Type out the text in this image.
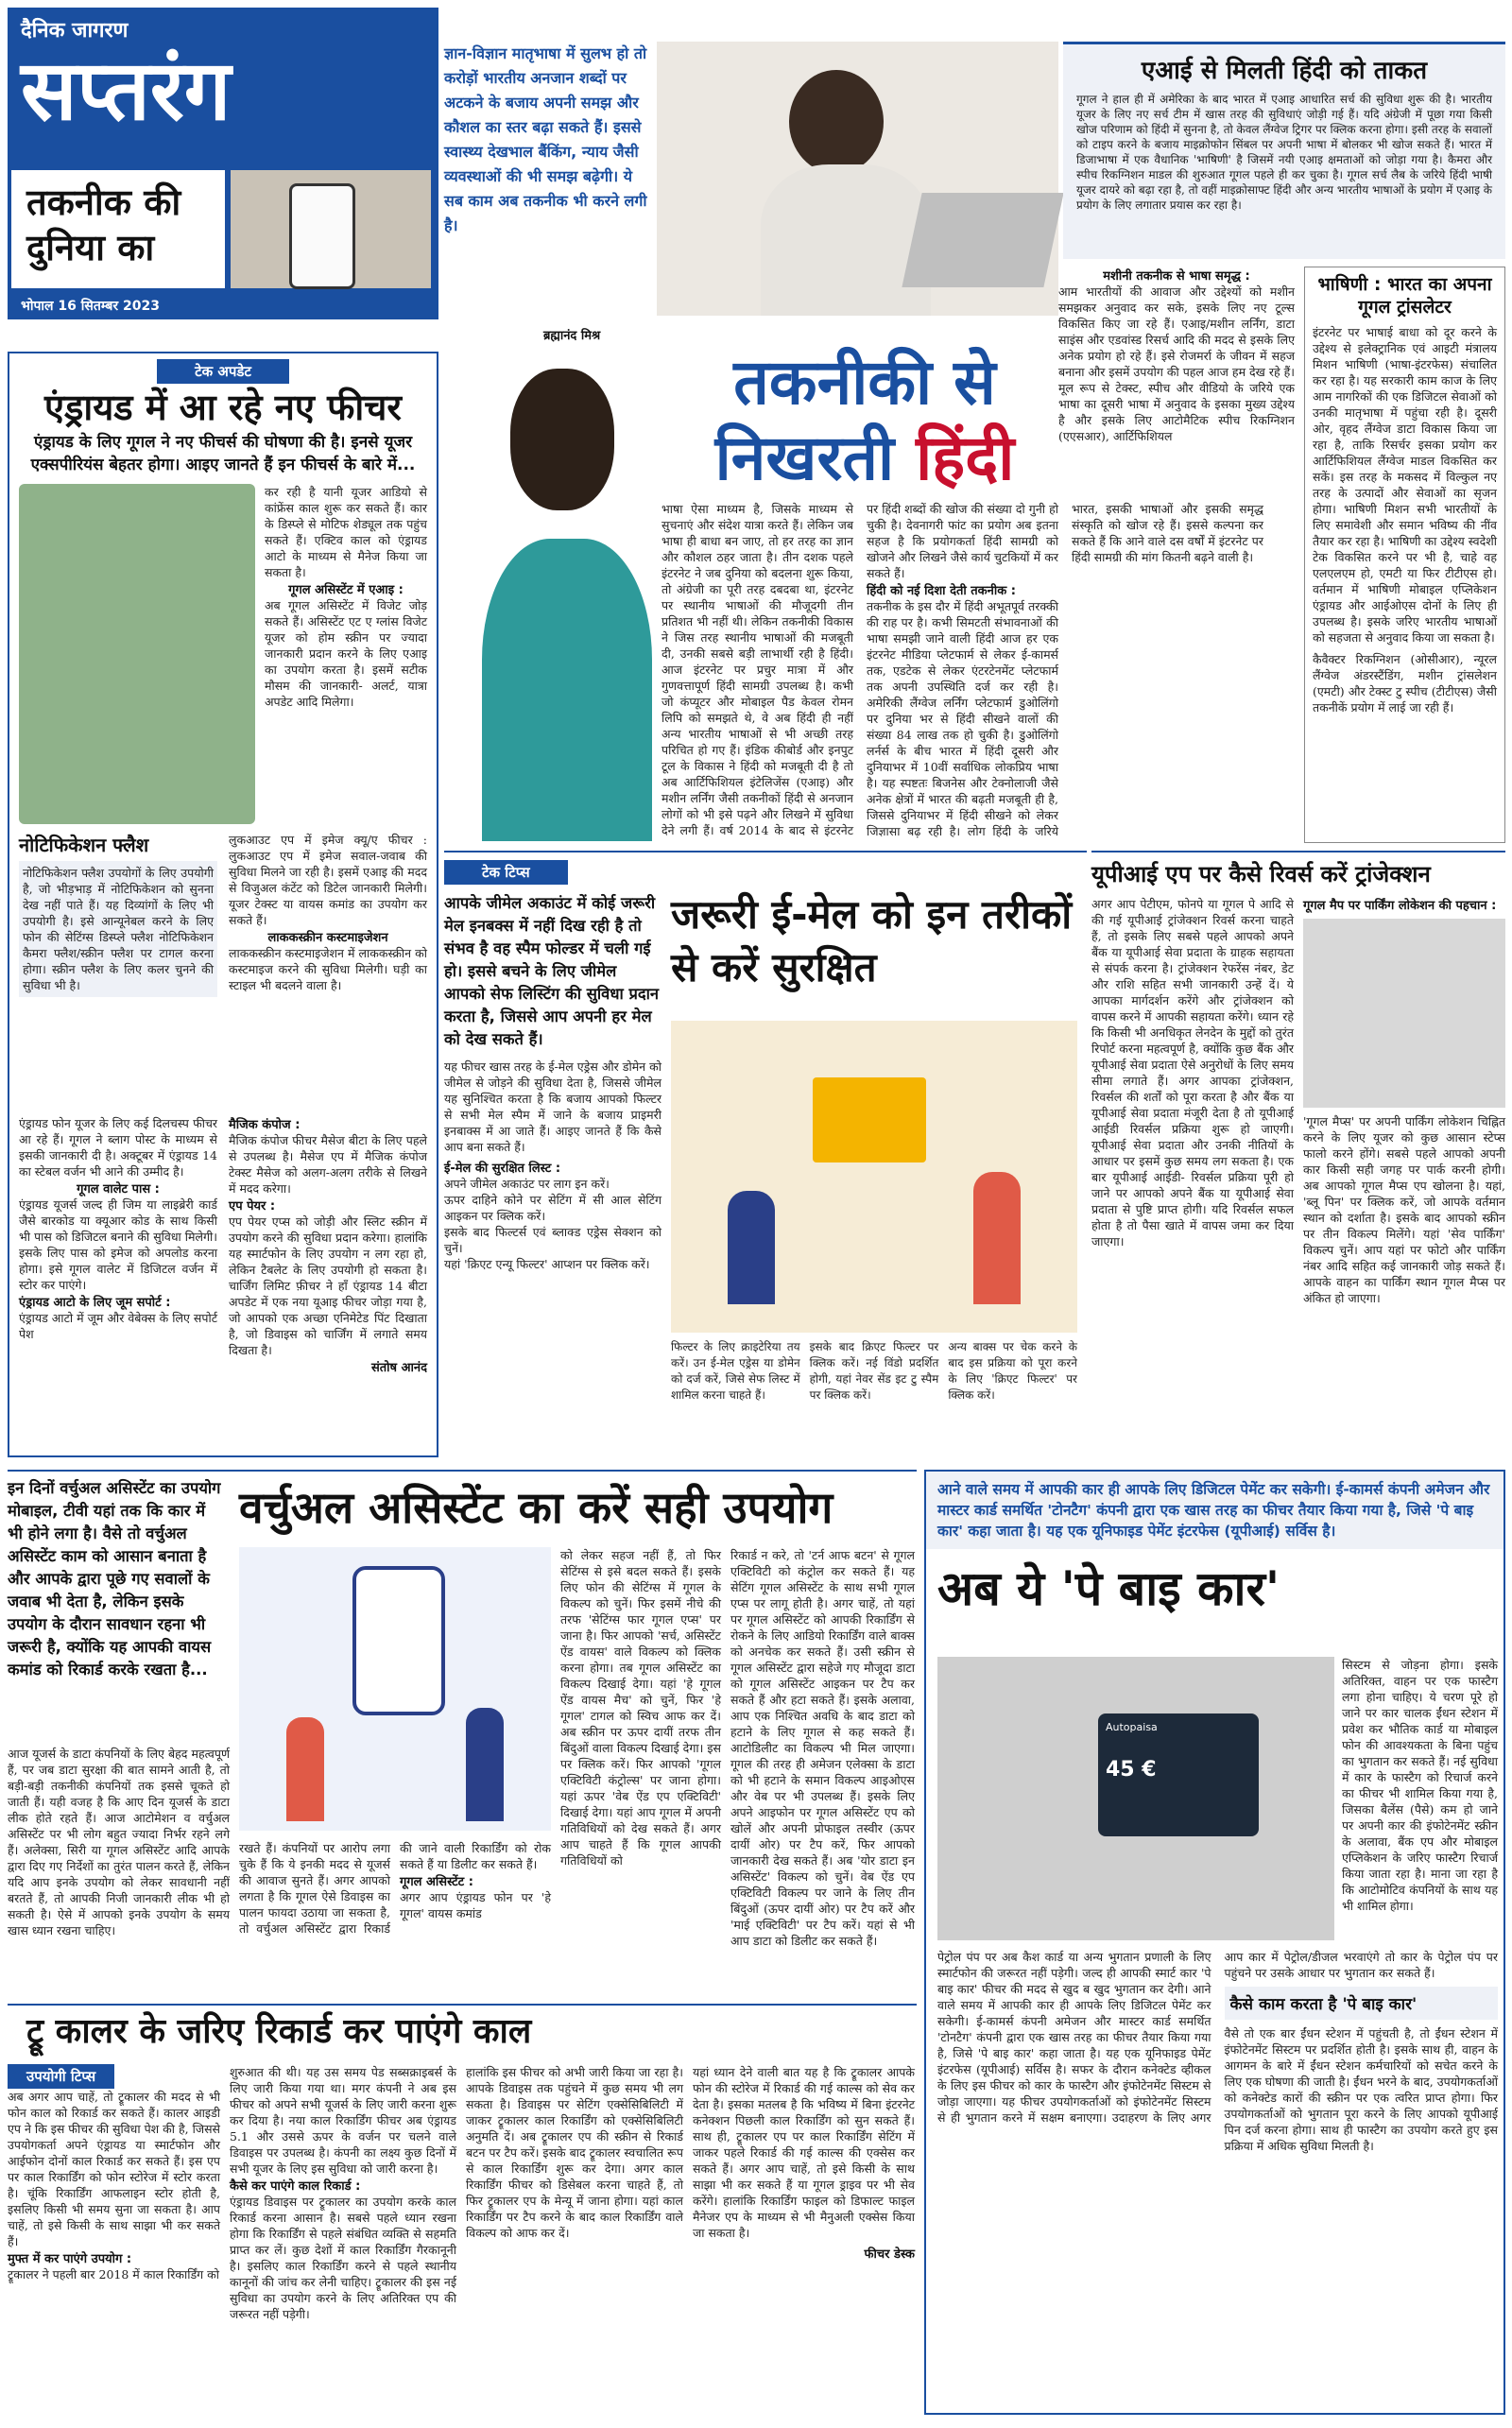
दैनिक जागरण
सप्तरंग
तकनीक की दुनिया का
भोपाल 16 सितम्बर 2023

ज्ञान-विज्ञान मातृभाषा में सुलभ हो तो करोड़ों भारतीय अनजान शब्दों पर अटकने के बजाय अपनी समझ और कौशल का स्तर बढ़ा सकते हैं। इससे स्वास्थ्य देखभाल बैंकिंग, न्याय जैसी व्यवस्थाओं की भी समझ बढ़ेगी। ये सब काम अब तकनीक भी करने लगी है।

ब्रह्मानंद मिश्र
एआई से मिलती हिंदी को ताकत

गूगल ने हाल ही में अमेरिका के बाद भारत में एआइ आधारित सर्च की सुविधा शुरू की है। भारतीय यूजर के लिए नए सर्च टीम में खास तरह की सुविधाएं जोड़ी गई हैं। यदि अंग्रेजी में पूछा गया किसी खोज परिणाम को हिंदी में सुनना है, तो केवल लैंग्वेज ट्रिगर पर क्लिक करना होगा। इसी तरह के सवालों को टाइप करने के बजाय माइक्रोफोन सिंबल पर अपनी भाषा में बोलकर भी खोज सकते हैं। भारत में डिजाभाषा में एक वैधानिक 'भाषिणी' है जिसमें नयी एआइ क्षमताओं को जोड़ा गया है। कैमरा और स्पीच रिकग्निशन माडल की शुरुआत गूगल पहले ही कर चुका है। गूगल सर्च लैब के जरिये हिंदी भाषी यूजर दायरे को बढ़ा रहा है, तो वहीं माइक्रोसाफ्ट हिंदी और अन्य भारतीय भाषाओं के प्रयोग में एआइ के प्रयोग के लिए लगातार प्रयास कर रहा है।

टेक अपडेट
एंड्रायड में आ रहे नए फीचर
एंड्रायड के लिए गूगल ने नए फीचर्स की घोषणा की है। इनसे यूजर एक्सपीरियंस बेहतर होगा। आइए जानते हैं इन फीचर्स के बारे में...

कर रही है यानी यूजर आडियो से कांफ्रेंस काल शुरू कर सकते हैं। कार के डिस्प्ले से मोटिफ शेड्यूल तक पहुंच सकते हैं। एक्टिव काल को एंड्रायड आटो के माध्यम से मैनेज किया जा सकता है।

गूगल असिस्टेंट में एआइ :

अब गूगल असिस्टेंट में विजेट जोड़ सकते हैं। असिस्टेंट एट ए ग्लांस विजेट यूजर को होम स्क्रीन पर ज्यादा जानकारी प्रदान करने के लिए एआइ का उपयोग करता है। इसमें सटीक मौसम की जानकारी- अलर्ट, यात्रा अपडेट आदि मिलेगा।

नोटिफिकेशन फ्लैश

नोटिफिकेशन फ्लैश उपयोगों के लिए उपयोगी है, जो भीड़भाड़ में नोटिफिकेशन को सुनना देख नहीं पाते हैं। यह दिव्यांगों के लिए भी उपयोगी है। इसे आन्यूनेबल करने के लिए फोन की सेटिंग्स डिस्प्ले फ्लैश नोटिफिकेशन कैमरा फ्लैश/स्क्रीन फ्लैश पर टागल करना होगा। स्क्रीन फ्लैश के लिए कलर चुनने की सुविधा भी है।

लुकआउट एप में इमेज क्यू/ए फीचर : लुकआउट एप में इमेज सवाल-जवाब की सुविधा मिलने जा रही है। इसमें एआइ की मदद से विजुअल कंटेंट को डिटेल जानकारी मिलेगी। यूजर टेक्स्ट या वायस कमांड का उपयोग कर सकते हैं।

लाककस्क्रीन कस्टमाइजेशन

लाककस्क्रीन कस्टमाइजेशन में लाककस्क्रीन को कस्टमाइज करने की सुविधा मिलेगी। घड़ी का स्टाइल भी बदलने वाला है।

एंड्रायड फोन यूजर के लिए कई दिलचस्प फीचर आ रहे हैं। गूगल ने ब्लाग पोस्ट के माध्यम से इसकी जानकारी दी है। अक्टूबर में एंड्रायड 14 का स्टेबल वर्जन भी आने की उम्मीद है।

गूगल वालेट पास :

एंड्रायड यूजर्स जल्द ही जिम या लाइब्रेरी कार्ड जैसे बारकोड या क्यूआर कोड के साथ किसी भी पास को डिजिटल बनाने की सुविधा मिलेगी। इसके लिए पास को इमेज को अपलोड करना होगा। इसे गूगल वालेट में डिजिटल वर्जन में स्टोर कर पाएंगे।

एंड्रायड आटो के लिए जूम सपोर्ट :

एंड्रायड आटो में जूम और वेबेक्स के लिए सपोर्ट पेश

मैजिक कंपोज :

मैजिक कंपोज फीचर मैसेज बीटा के लिए पहले से उपलब्ध है। मैसेज एप में मैजिक कंपोज टेक्स्ट मैसेज को अलग-अलग तरीके से लिखने में मदद करेगा।

एप पेयर :

एप पेयर एप्स को जोड़ी और स्लिट स्क्रीन में उपयोग करने की सुविधा प्रदान करेगा। हालांकि यह स्मार्टफोन के लिए उपयोग न लग रहा हो, लेकिन टैबलेट के लिए उपयोगी हो सकता है। चार्जिंग लिमिट फ़ीचर ने हाँ एंड्रायड 14 बीटा अपडेट में एक नया यूआइ फीचर जोड़ा गया है, जो आपको एक अच्छा एनिमेटेड पिंट दिखाता है, जो डिवाइस को चार्जिंग में लगाते समय दिखता है।

संतोष आनंद
तकनीकी से
निखरती हिंदी

भाषा ऐसा माध्यम है, जिसके माध्यम से सुचनाएं और संदेश यात्रा करते हैं। लेकिन जब भाषा ही बाधा बन जाए, तो हर तरह का ज्ञान और कौशल ठहर जाता है। तीन दशक पहले इंटरनेट ने जब दुनिया को बदलना शुरू किया, तो अंग्रेजी का पूरी तरह दबदबा था, इंटरनेट पर स्थानीय भाषाओं की मौजूदगी तीन प्रतिशत भी नहीं थी। लेकिन तकनीकी विकास ने जिस तरह स्थानीय भाषाओं की मजबूती दी, उनकी सबसे बड़ी लाभार्थी रही है हिंदी। आज इंटरनेट पर प्रचुर मात्रा में और गुणवत्तापूर्ण हिंदी सामग्री उपलब्ध है। कभी जो कंप्यूटर और मोबाइल पैड केवल रोमन लिपि को समझते थे, वे अब हिंदी ही नहीं अन्य भारतीय भाषाओं से भी अच्छी तरह परिचित हो गए हैं। इंडिक कीबोर्ड और इनपुट टूल के विकास ने हिंदी को मजबूती दी है तो अब आर्टिफिशियल इंटेलिजेंस (एआइ) और मशीन लर्निंग जैसी तकनीकों हिंदी से अनजान लोगों को भी इसे पढ़ने और लिखने में सुविधा देने लगी हैं। वर्ष 2014 के बाद से इंटरनेट पर हिंदी शब्दों की खोज की संख्या दो गुनी हो चुकी है। देवनागरी फांट का प्रयोग अब इतना सहज है कि प्रयोगकर्ता हिंदी सामग्री को खोजने और लिखने जैसे कार्य चुटकियों में कर सकते हैं।

हिंदी को नई दिशा देती तकनीक :

तकनीक के इस दौर में हिंदी अभूतपूर्व तरक्की की राह पर है। कभी सिमटती संभावनाओं की भाषा समझी जाने वाली हिंदी आज हर एक इंटरनेट मीडिया प्लेटफार्म से लेकर ई-कामर्स तक, एडटेक से लेकर एंटरटेनमेंट प्लेटफार्म तक अपनी उपस्थिति दर्ज कर रही है। अमेरिकी लैंग्वेज लर्निंग प्लेटफार्म डुओलिंगो पर दुनिया भर से हिंदी सीखने वालों की संख्या 84 लाख तक हो चुकी है। डुओलिंगो लर्नर्स के बीच भारत में हिंदी दूसरी और दुनियाभर में 10वीं सर्वाधिक लोकप्रिय भाषा है। यह स्पष्टतः बिजनेस और टेक्नोलाजी जैसे अनेक क्षेत्रों में भारत की बढ़ती मजबूती ही है, जिससे दुनियाभर में हिंदी सीखने को लेकर जिज्ञासा बढ़ रही है। लोग हिंदी के जरिये भारत, इसकी भाषाओं और इसकी समृद्ध संस्कृति को खोज रहे हैं। इससे कल्पना कर सकते हैं कि आने वाले दस वर्षों में इंटरनेट पर हिंदी सामग्री की मांग कितनी बढ़ने वाली है।

मशीनी तकनीक से भाषा समृद्ध :

आम भारतीयों की आवाज और उद्देश्यों को मशीन समझकर अनुवाद कर सके, इसके लिए नए टूल्स विकसित किए जा रहे हैं। एआइ/मशीन लर्निंग, डाटा साइंस और एडवांस्ड रिसर्च आदि की मदद से इसके लिए अनेक प्रयोग हो रहे हैं। इसे रोजमर्रा के जीवन में सहज बनाना और इसमें उपयोग की पहल आज हम देख रहे हैं। मूल रूप से टेक्स्ट, स्पीच और वीडियो के जरिये एक भाषा का दूसरी भाषा में अनुवाद के इसका मुख्य उद्देश्य है और इसके लिए आटोमैटिक स्पीच रिकग्निशन (एएसआर), आर्टिफिशियल

भाषिणी : भारत का अपना गूगल ट्रांसलेटर

इंटरनेट पर भाषाई बाधा को दूर करने के उद्देश्य से इलेक्ट्रानिक एवं आइटी मंत्रालय मिशन भाषिणी (भाषा-इंटरफेस) संचालित कर रहा है। यह सरकारी काम काज के लिए आम नागरिकों की एक डिजिटल सेवाओं को उनकी मातृभाषा में पहुंचा रही है। दूसरी ओर, वृहद लैंग्वेज डाटा विकास किया जा रहा है, ताकि रिसर्चर इसका प्रयोग कर आर्टिफिशियल लैंग्वेज माडल विकसित कर सकें। इस तरह के मकसद में विल्कुल नए तरह के उत्पादों और सेवाओं का सृजन होगा। भाषिणी मिशन सभी भारतीयों के लिए समावेशी और समान भविष्य की नींव तैयार कर रहा है। भाषिणी का उद्देश्य स्वदेशी टेक विकसित करने पर भी है, चाहे वह एलएलएम हो, एमटी या फिर टीटीएस हो। वर्तमान में भाषिणी मोबाइल एप्लिकेशन एंड्रायड और आईओएस दोनों के लिए ही उपलब्ध है। इसके जरिए भारतीय भाषाओं को सहजता से अनुवाद किया जा सकता है।

कैवैक्टर रिकग्निशन (ओसीआर), न्यूरल लैंग्वेज अंडरस्टैंडिंग, मशीन ट्रांसलेशन (एमटी) और टेक्स्ट टु स्पीच (टीटीएस) जैसी तकनीकें प्रयोग में लाई जा रही हैं।

टेक टिप्स
आपके जीमेल अकाउंट में कोई जरूरी मेल इनबक्स में नहीं दिख रही है तो संभव है वह स्पैम फोल्डर में चली गई हो। इससे बचने के लिए जीमेल आपको सेफ लिस्टिंग की सुविधा प्रदान करता है, जिससे आप अपनी हर मेल को देख सकते हैं।

यह फीचर खास तरह के ई-मेल एड्रेस और डोमेन को जीमेल से जोड़ने की सुविधा देता है, जिससे जीमेल यह सुनिश्चित करता है कि बजाय आपको फिल्टर से सभी मेल स्पैम में जाने के बजाय प्राइमरी इनबाक्स में आ जाते हैं। आइए जानते हैं कि कैसे आप बना सकते हैं।

ई-मेल की सुरक्षित लिस्ट :

अपने जीमेल अकाउंट पर लाग इन करें।

ऊपर दाहिने कोने पर सेटिंग में सी आल सेटिंग आइकन पर क्लिक करें।

इसके बाद फिल्टर्स एवं ब्लाक्ड एड्रेस सेक्शन को चुनें।

यहां 'क्रिएट एन्यू फिल्टर' आप्शन पर क्लिक करें।

जरूरी ई-मेल को इन तरीकों से करें सुरक्षित

फिल्टर के लिए क्राइटेरिया तय करें। उन ई-मेल एड्रेस या डोमेन को दर्ज करें, जिसे सेफ लिस्ट में शामिल करना चाहते हैं।

इसके बाद क्रिएट फिल्टर पर क्लिक करें। नई विंडो प्रदर्शित होगी, यहां नेवर सेंड इट टु स्पैम पर क्लिक करें।

अन्य बाक्स पर चेक करने के बाद इस प्रक्रिया को पूरा करने के लिए 'क्रिएट फिल्टर' पर क्लिक करें।

यूपीआई एप पर कैसे रिवर्स करें ट्रांजेक्शन

अगर आप पेटीएम, फोनपे या गूगल पे आदि से की गई यूपीआई ट्रांजेक्शन रिवर्स करना चाहते हैं, तो इसके लिए सबसे पहले आपको अपने बैंक या यूपीआई सेवा प्रदाता के ग्राहक सहायता से संपर्क करना है। ट्रांजेक्शन रेफरेंस नंबर, डेट और राशि सहित सभी जानकारी उन्हें दें। ये आपका मार्गदर्शन करेंगे और ट्रांजेक्शन को वापस करने में आपकी सहायता करेंगे। ध्यान रहे कि किसी भी अनधिकृत लेनदेन के मुद्दों को तुरंत रिपोर्ट करना महत्वपूर्ण है, क्योंकि कुछ बैंक और यूपीआई सेवा प्रदाता ऐसे अनुरोधों के लिए समय सीमा लगाते हैं। अगर आपका ट्रांजेक्शन, रिवर्सल की शर्तों को पूरा करता है और बैंक या यूपीआई सेवा प्रदाता मंजूरी देता है तो यूपीआई आईडी रिवर्सल प्रक्रिया शुरू हो जाएगी। यूपीआई सेवा प्रदाता और उनकी नीतियों के आधार पर इसमें कुछ समय लग सकता है। एक बार यूपीआई आईडी- रिवर्सल प्रक्रिया पूरी हो जाने पर आपको अपने बैंक या यूपीआई सेवा प्रदाता से पुष्टि प्राप्त होगी। यदि रिवर्सल सफल होता है तो पैसा खाते में वापस जमा कर दिया जाएगा।

गूगल मैप पर पार्किंग लोकेशन की पहचान :

'गूगल मैप्स' पर अपनी पार्किंग लोकेशन चिह्नित करने के लिए यूजर को कुछ आसान स्टेप्स फालो करने होंगे। सबसे पहले आपको अपनी कार किसी सही जगह पर पार्क करनी होगी। अब आपको गूगल मैप्स एप खोलना है। यहां, 'ब्लू पिन' पर क्लिक करें, जो आपके वर्तमान स्थान को दर्शाता है। इसके बाद आपको स्क्रीन पर तीन विकल्प मिलेंगे। यहां 'सेव पार्किंग' विकल्प चुनें। आप यहां पर फोटो और पार्किंग नंबर आदि सहित कई जानकारी जोड़ सकते हैं। आपके वाहन का पार्किंग स्थान गूगल मैप्स पर अंकित हो जाएगा।

इन दिनों वर्चुअल असिस्टेंट का उपयोग मोबाइल, टीवी यहां तक कि कार में भी होने लगा है। वैसे तो वर्चुअल असिस्टेंट काम को आसान बनाता है और आपके द्वारा पूछे गए सवालों के जवाब भी देता है, लेकिन इसके उपयोग के दौरान सावधान रहना भी जरूरी है, क्योंकि यह आपकी वायस कमांड को रिकार्ड करके रखता है...
वर्चुअल असिस्टेंट का करें सही उपयोग

आज यूजर्स के डाटा कंपनियों के लिए बेहद महत्वपूर्ण हैं, पर जब डाटा सुरक्षा की बात सामने आती है, तो बड़ी-बड़ी तकनीकी कंपनियों तक इससे चूकते हो जाती हैं। यही वजह है कि आए दिन यूजर्स के डाटा लीक होते रहते हैं। आज आटोमेशन व वर्चुअल असिस्टेंट पर भी लोग बहुत ज्यादा निर्भर रहने लगे हैं। अलेक्सा, सिरी या गूगल असिस्टेंट आदि आपके द्वारा दिए गए निर्देशों का तुरंत पालन करते हैं, लेकिन यदि आप इनके उपयोग को लेकर सावधानी नहीं बरतते हैं, तो आपकी निजी जानकारी लीक भी हो सकती है। ऐसे में आपको इनके उपयोग के समय खास ध्यान रखना चाहिए।

रखते हैं। कंपनियों पर आरोप लगा चुके हैं कि ये इनकी मदद से यूजर्स की आवाज सुनते हैं। अगर आपको लगता है कि गूगल ऐसे डिवाइस का पालन फायदा उठाया जा सकता है, तो वर्चुअल असिस्टेंट द्वारा रिकार्ड की जाने वाली रिकार्डिंग को रोक सकते हैं या डिलीट कर सकते हैं।

गूगल असिस्टेंट :

अगर आप एंड्रायड फोन पर 'हे गूगल' वायस कमांड

को लेकर सहज नहीं हैं, तो फिर सेटिंग्स से इसे बदल सकते हैं। इसके लिए फोन की सेटिंग्स में गूगल के विकल्प को चुनें। फिर इसमें नीचे की तरफ 'सेटिंग्स फार गूगल एप्स' पर जाना है। फिर आपको 'सर्च, असिस्टेंट ऐंड वायस' वाले विकल्प को क्लिक करना होगा। तब गूगल असिस्टेंट का विकल्प दिखाई देगा। यहां 'हे गूगल ऐंड वायस मैच' को चुनें, फिर 'हे गूगल' टागल को स्विच आफ कर दें। अब स्क्रीन पर ऊपर दायीं तरफ तीन बिंदुओं वाला विकल्प दिखाई देगा। इस पर क्लिक करें। फिर आपको 'गूगल एक्टिविटी कंट्रोल्स' पर जाना होगा। यहां ऊपर 'वेब ऐंड एप एक्टिविटी' दिखाई देगा। यहां आप गूगल में अपनी गतिविधियों को देख सकते हैं। अगर आप चाहते हैं कि गूगल आपकी गतिविधियों को

रिकार्ड न करे, तो 'टर्न आफ बटन' से गूगल एक्टिविटी को कंट्रोल कर सकते हैं। यह सेटिंग गूगल असिस्टेंट के साथ सभी गूगल एप्स पर लागू होती है। अगर चाहें, तो यहां पर गूगल असिस्टेंट को आपकी रिकार्डिंग से रोकने के लिए आडियो रिकार्डिंग वाले बाक्स को अनचेक कर सकते हैं। उसी स्क्रीन से गूगल असिस्टेंट द्वारा सहेजे गए मौजूदा डाटा को गूगल असिस्टेंट आइकन पर टैप कर सकते हैं और हटा सकते हैं। इसके अलावा, आप एक निश्चित अवधि के बाद डाटा को हटाने के लिए गूगल से कह सकते हैं। आटोडिलीट का विकल्प भी मिल जाएगा। गूगल की तरह ही अमेजन एलेक्सा के डाटा को भी हटाने के समान विकल्प आइओएस और वेब पर भी उपलब्ध हैं। इसके लिए अपने आइफोन पर गूगल असिस्टेंट एप को खोलें और अपनी प्रोफाइल तस्वीर (ऊपर दायीं ओर) पर टैप करें, फिर आपको जानकारी देख सकते हैं। अब 'योर डाटा इन असिस्टेंट' विकल्प को चुनें। वेब ऐंड एप एक्टिविटी विकल्प पर जाने के लिए तीन बिंदुओं (ऊपर दायीं ओर) पर टैप करें और 'माई एक्टिविटी' पर टैप करें। यहां से भी आप डाटा को डिलीट कर सकते हैं।

आने वाले समय में आपकी कार ही आपके लिए डिजिटल पेमेंट कर सकेगी। ई-कामर्स कंपनी अमेजन और मास्टर कार्ड समर्थित 'टोनटैग' कंपनी द्वारा एक खास तरह का फीचर तैयार किया गया है, जिसे 'पे बाइ कार' कहा जाता है। यह एक यूनिफाइड पेमेंट इंटरफेस (यूपीआई) सर्विस है।
अब ये 'पे बाइ कार'
Autopaisa
45 €

सिस्टम से जोड़ना होगा। इसके अतिरिक्त, वाहन पर एक फास्टैग लगा होना चाहिए। ये चरण पूरे हो जाने पर कार चालक ईंधन स्टेशन में प्रवेश कर भौतिक कार्ड या मोबाइल फोन की आवश्यकता के बिना पहुंच का भुगतान कर सकते हैं। नई सुविधा में कार के फास्टैग को रिचार्ज करने का फीचर भी शामिल किया गया है, जिसका बैलेंस (पैसे) कम हो जाने पर अपनी कार की इंफोटेनमेंट स्क्रीन के अलावा, बैंक एप और मोबाइल एप्लिकेशन के जरिए फास्टैग रिचार्ज किया जाता रहा है। माना जा रहा है कि आटोमोटिव कंपनियों के साथ यह भी शामिल होगा।

पेट्रोल पंप पर अब कैश कार्ड या अन्य भुगतान प्रणाली के लिए स्मार्टफोन की जरूरत नहीं पड़ेगी। जल्द ही आपकी स्मार्ट कार 'पे बाइ कार' फीचर की मदद से खुद ब खुद भुगतान कर देगी। आने वाले समय में आपकी कार ही आपके लिए डिजिटल पेमेंट कर सकेगी। ई-कामर्स कंपनी अमेजन और मास्टर कार्ड समर्थित 'टोनटैग' कंपनी द्वारा एक खास तरह का फीचर तैयार किया गया है, जिसे 'पे बाइ कार' कहा जाता है। यह एक यूनिफाइड पेमेंट इंटरफेस (यूपीआई) सर्विस है। सफर के दौरान कनेक्टेड व्हीकल के लिए इस फीचर को कार के फास्टैग और इंफोटेनमेंट सिस्टम से जोड़ा जाएगा। यह फीचर उपयोगकर्ताओं को इंफोटेनमेंट सिस्टम से ही भुगतान करने में सक्षम बनाएगा। उदाहरण के लिए अगर आप कार में पेट्रोल/डीजल भरवाएंगे तो कार के पेट्रोल पंप पर पहुंचने पर उसके आधार पर भुगतान कर सकते हैं।

कैसे काम करता है 'पे बाइ कार'

वैसे तो एक बार ईंधन स्टेशन में पहुंचती है, तो ईंधन स्टेशन में इंफोटेनमेंट सिस्टम पर प्रदर्शित होती है। इसके साथ ही, वाहन के आगमन के बारे में ईंधन स्टेशन कर्मचारियों को सचेत करने के लिए एक घोषणा की जाती है। ईंधन भरने के बाद, उपयोगकर्ताओं को कनेक्टेड कारों की स्क्रीन पर एक त्वरित प्राप्त होगा। फिर उपयोगकर्ताओं को भुगतान पूरा करने के लिए आपको यूपीआई पिन दर्ज करना होगा। साथ ही फास्टैग का उपयोग करते हुए इस प्रक्रिया में अधिक सुविधा मिलती है।

ट्रू कालर के जरिए रिकार्ड कर पाएंगे काल
उपयोगी टिप्स

अब अगर आप चाहें, तो ट्रूकालर की मदद से भी फोन काल को रिकार्ड कर सकते हैं। कालर आइडी एप ने कि इस फीचर की सुविधा पेश की है, जिससे उपयोगकर्ता अपने एंड्रायड या स्मार्टफोन और आईफोन दोनों काल रिकार्ड कर सकते हैं। इस एप पर काल रिकार्डिंग को फोन स्टोरेज में स्टोर करता है। चूंकि रिकार्डिंग आफलाइन स्टोर होती है, इसलिए किसी भी समय सुना जा सकता है। आप चाहें, तो इसे किसी के साथ साझा भी कर सकते हैं।

मुफ्त में कर पाएंगे उपयोग :

ट्रूकालर ने पहली बार 2018 में काल रिकार्डिंग को

शुरुआत की थी। यह उस समय पेड सब्सक्राइबर्स के लिए जारी किया गया था। मगर कंपनी ने अब इस फीचर को अपने सभी यूजर्स के लिए जारी करना शुरू कर दिया है। नया काल रिकार्डिंग फीचर अब एंड्रायड 5.1 और उससे ऊपर के वर्जन पर चलने वाले डिवाइस पर उपलब्ध है। कंपनी का लक्ष्य कुछ दिनों में सभी यूजर के लिए इस सुविधा को जारी करना है।

कैसे कर पाएंगे काल रिकार्ड :

एंड्रायड डिवाइस पर ट्रूकालर का उपयोग करके काल रिकार्ड करना आसान है। सबसे पहले ध्यान रखना होगा कि रिकार्डिंग से पहले संबंधित व्यक्ति से सहमति प्राप्त कर लें। कुछ देशों में काल रिकार्डिंग गैरकानूनी है। इसलिए काल रिकार्डिंग करने से पहले स्थानीय कानूनों की जांच कर लेनी चाहिए। ट्रूकालर की इस नई सुविधा का उपयोग करने के लिए अतिरिक्त एप की जरूरत नहीं पड़ेगी।

हालांकि इस फीचर को अभी जारी किया जा रहा है। आपके डिवाइस तक पहुंचने में कुछ समय भी लग सकता है। डिवाइस पर सेटिंग एक्सेसिबिलिटी में जाकर ट्रूकालर काल रिकार्डिंग को एक्सेसिबिलिटी अनुमति दें। अब ट्रूकालर एप की स्क्रीन से रिकार्ड बटन पर टैप करें। इसके बाद ट्रूकालर स्वचालित रूप से काल रिकार्डिंग शुरू कर देगा। अगर काल रिकार्डिंग फीचर को डिसेबल करना चाहते हैं, तो फिर ट्रूकालर एप के मेन्यू में जाना होगा। यहां काल रिकार्डिंग पर टैप करने के बाद काल रिकार्डिंग वाले विकल्प को आफ कर दें।

यहां ध्यान देने वाली बात यह है कि ट्रूकालर आपके फोन की स्टोरेज में रिकार्ड की गई काल्स को सेव कर देता है। इसका मतलब है कि भविष्य में बिना इंटरनेट कनेक्शन पिछली काल रिकार्डिंग को सुन सकते हैं। साथ ही, ट्रूकालर एप पर काल रिकार्डिंग सेटिंग में जाकर पहले रिकार्ड की गई काल्स की एक्सेस कर सकते हैं। अगर आप चाहें, तो इसे किसी के साथ साझा भी कर सकते हैं या गूगल ड्राइव पर भी सेव करेंगे। हालांकि रिकार्डिंग फाइल को डिफाल्ट फाइल मैनेजर एप के माध्यम से भी मैनुअली एक्सेस किया जा सकता है।

फीचर डेस्क
